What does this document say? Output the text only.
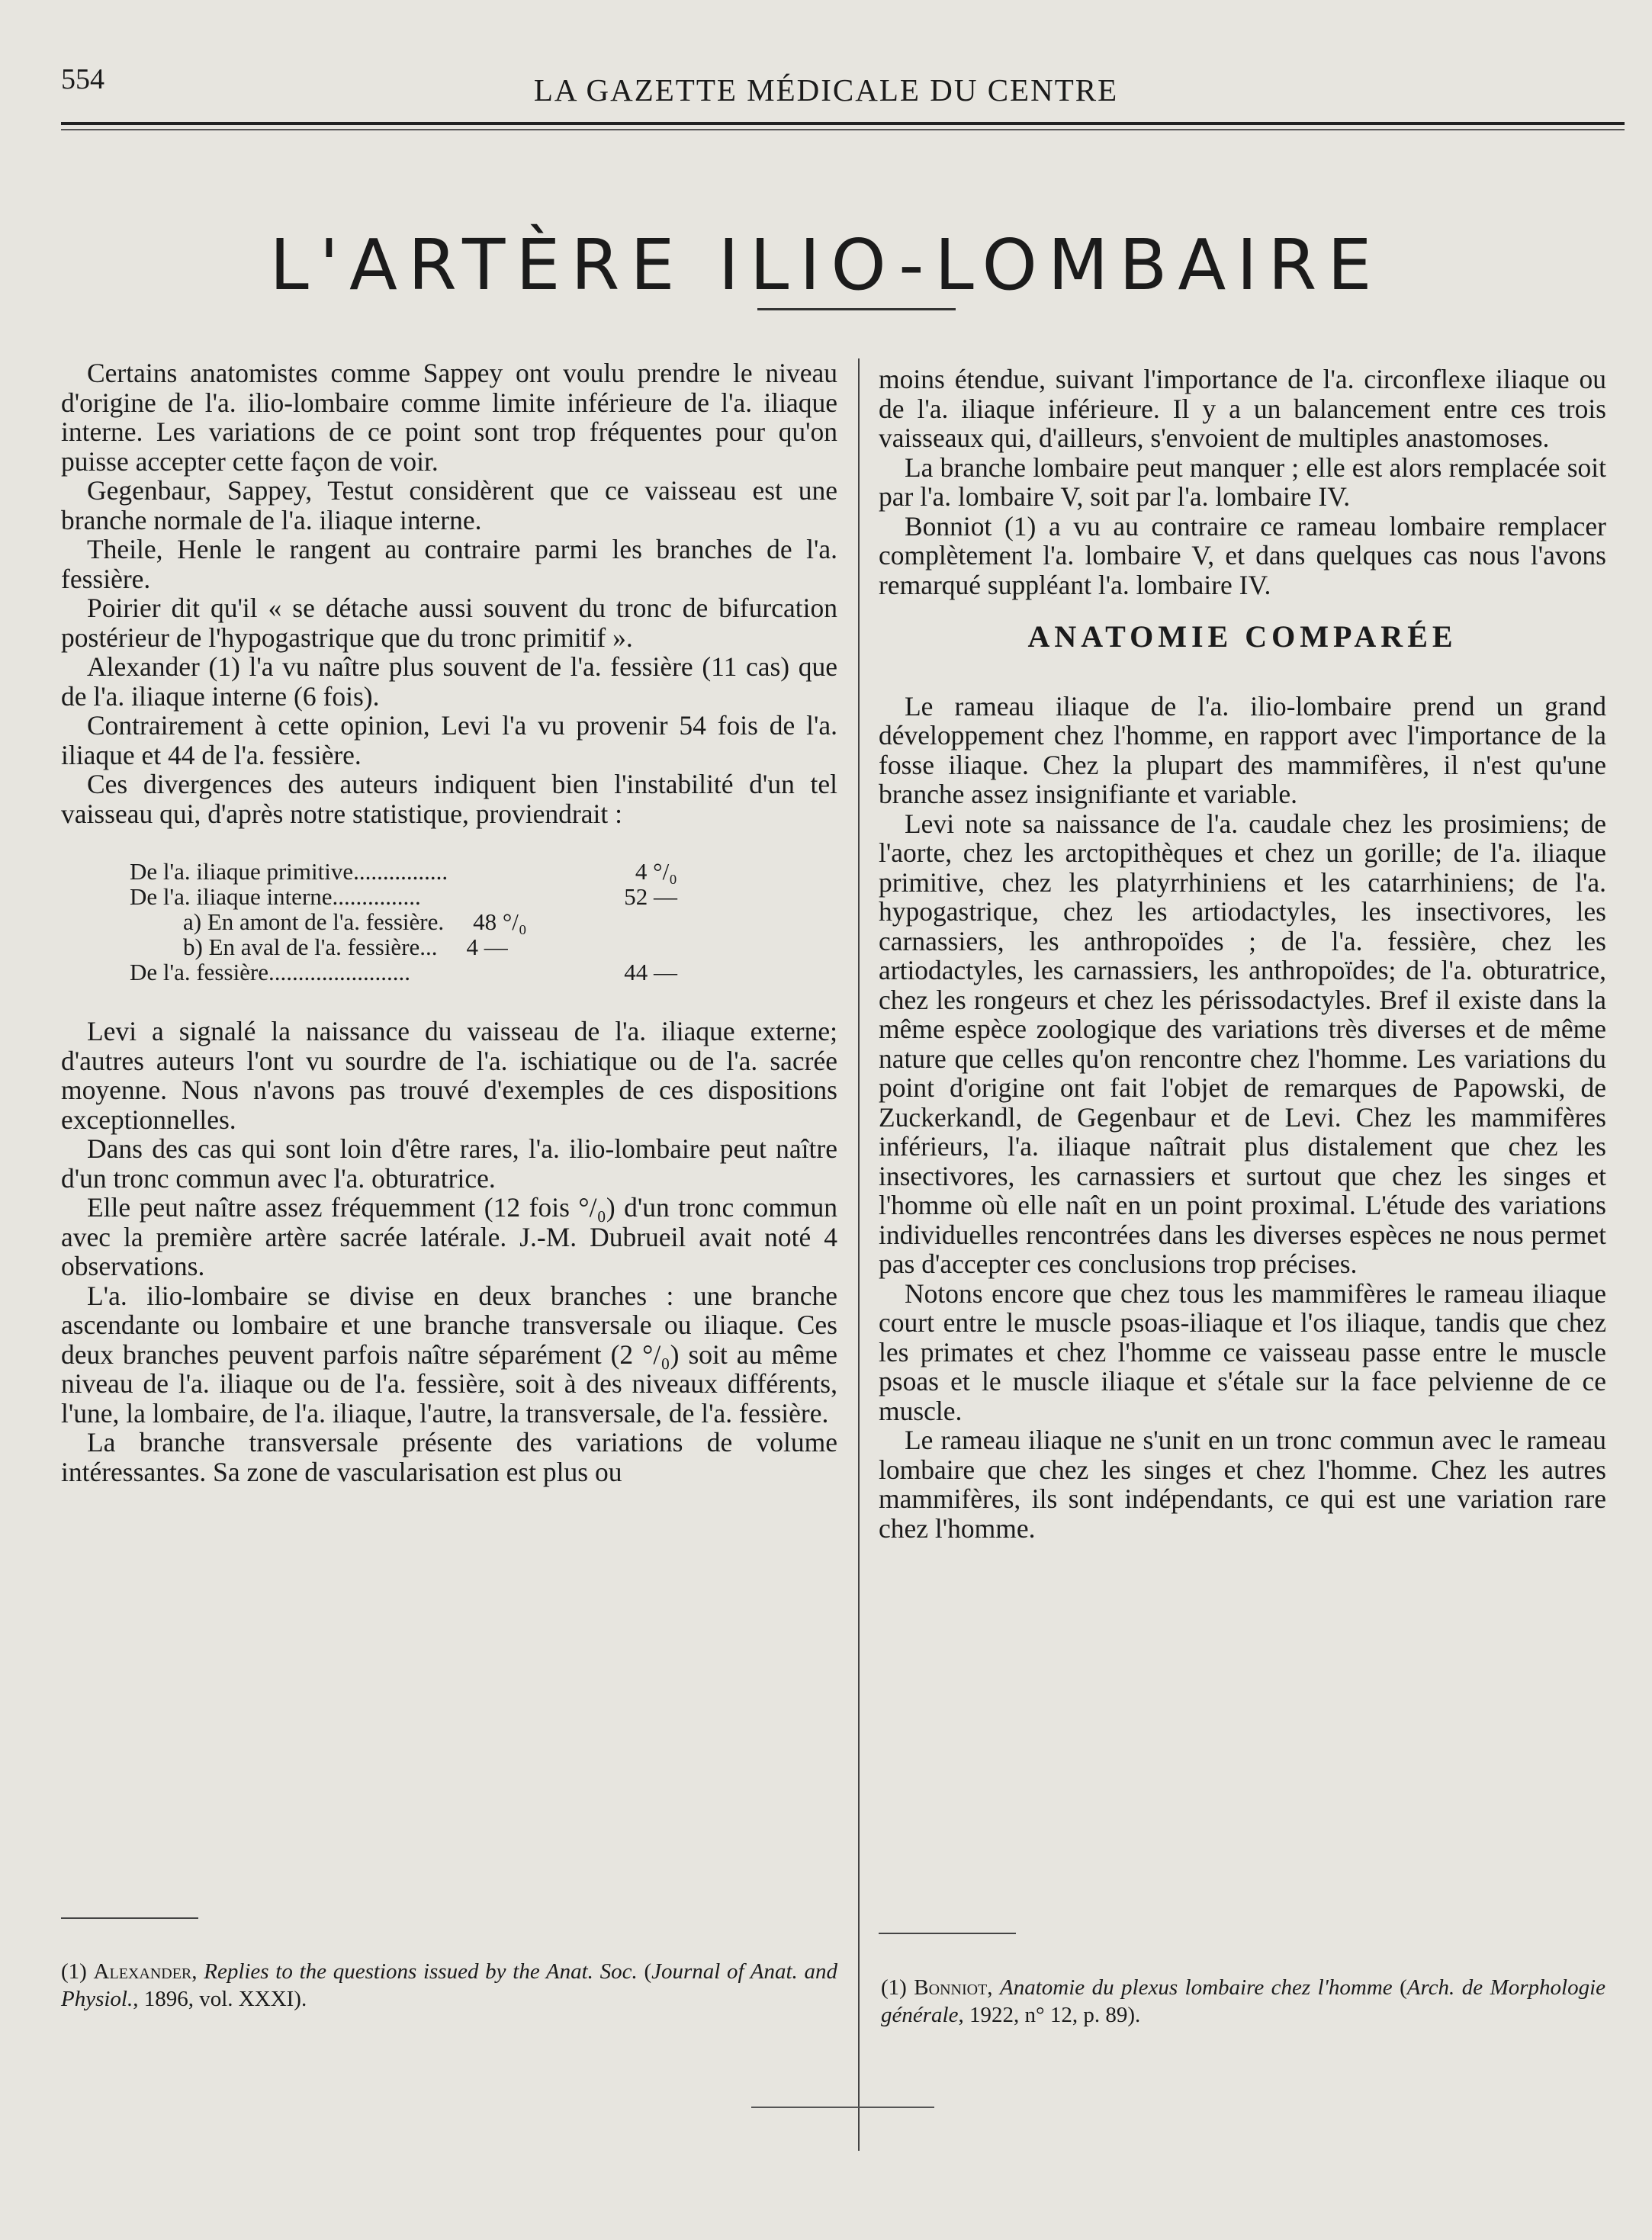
554	LA GAZETTE MÉDICALE DU CENTRE
L'ARTÈRE ILIO-LOMBAIRE

Certains anatomistes comme Sappey ont voulu prendre le niveau d'origine de l'a. ilio-lombaire comme limite inférieure de l'a. iliaque interne. Les variations de ce point sont trop fréquentes pour qu'on puisse accepter cette façon de voir.

Gegenbaur, Sappey, Testut considèrent que ce vaisseau est une branche normale de l'a. iliaque interne.

Theile, Henle le rangent au contraire parmi les branches de l'a. fessière.

Poirier dit qu'il « se détache aussi souvent du tronc de bifurcation postérieur de l'hypogastrique que du tronc primitif ».

Alexander (1) l'a vu naître plus souvent de l'a. fessière (11 cas) que de l'a. iliaque interne (6 fois).

Contrairement à cette opinion, Levi l'a vu provenir 54 fois de l'a. iliaque et 44 de l'a. fessière.

Ces divergences des auteurs indiquent bien l'instabilité d'un tel vaisseau qui, d'après notre statistique, proviendrait :

De l'a. iliaque primitive ................	4 °/₀
De l'a. iliaque interne ...............	52 —
a) En amont de l'a. fessière. 48 °/₀
b) En aval de l'a. fessière... 4 —
De l'a. fessière ........................	44 —

Levi a signalé la naissance du vaisseau de l'a. iliaque externe; d'autres auteurs l'ont vu sourdre de l'a. ischiatique ou de l'a. sacrée moyenne. Nous n'avons pas trouvé d'exemples de ces dispositions exceptionnelles.

Dans des cas qui sont loin d'être rares, l'a. ilio-lombaire peut naître d'un tronc commun avec l'a. obturatrice.

Elle peut naître assez fréquemment (12 fois °/₀) d'un tronc commun avec la première artère sacrée latérale. J.-M. Dubrueil avait noté 4 observations.

L'a. ilio-lombaire se divise en deux branches : une branche ascendante ou lombaire et une branche transversale ou iliaque. Ces deux branches peuvent parfois naître séparément (2 °/₀) soit au même niveau de l'a. iliaque ou de l'a. fessière, soit à des niveaux différents, l'une, la lombaire, de l'a. iliaque, l'autre, la transversale, de l'a. fessière.

La branche transversale présente des variations de volume intéressantes. Sa zone de vascularisation est plus ou

moins étendue, suivant l'importance de l'a. circonflexe iliaque ou de l'a. iliaque inférieure. Il y a un balancement entre ces trois vaisseaux qui, d'ailleurs, s'envoient de multiples anastomoses.

La branche lombaire peut manquer ; elle est alors remplacée soit par l'a. lombaire V, soit par l'a. lombaire IV.

Bonniot (1) a vu au contraire ce rameau lombaire remplacer complètement l'a. lombaire V, et dans quelques cas nous l'avons remarqué suppléant l'a. lombaire IV.

ANATOMIE COMPARÉE

Le rameau iliaque de l'a. ilio-lombaire prend un grand développement chez l'homme, en rapport avec l'importance de la fosse iliaque. Chez la plupart des mammifères, il n'est qu'une branche assez insignifiante et variable.

Levi note sa naissance de l'a. caudale chez les prosimiens; de l'aorte, chez les arctopithèques et chez un gorille; de l'a. iliaque primitive, chez les platyrrhiniens et les catarrhiniens; de l'a. hypogastrique, chez les artiodactyles, les insectivores, les carnassiers, les anthropoïdes ; de l'a. fessière, chez les artiodactyles, les carnassiers, les anthropoïdes; de l'a. obturatrice, chez les rongeurs et chez les périssodactyles. Bref il existe dans la même espèce zoologique des variations très diverses et de même nature que celles qu'on rencontre chez l'homme. Les variations du point d'origine ont fait l'objet de remarques de Papowski, de Zuckerkandl, de Gegenbaur et de Levi. Chez les mammifères inférieurs, l'a. iliaque naîtrait plus distalement que chez les insectivores, les carnassiers et surtout que chez les singes et l'homme où elle naît en un point proximal. L'étude des variations individuelles rencontrées dans les diverses espèces ne nous permet pas d'accepter ces conclusions trop précises.

Notons encore que chez tous les mammifères le rameau iliaque court entre le muscle psoas-iliaque et l'os iliaque, tandis que chez les primates et chez l'homme ce vaisseau passe entre le muscle psoas et le muscle iliaque et s'étale sur la face pelvienne de ce muscle.

Le rameau iliaque ne s'unit en un tronc commun avec le rameau lombaire que chez les singes et chez l'homme. Chez les autres mammifères, ils sont indépendants, ce qui est une variation rare chez l'homme.

(1) Alexander, Replies to the questions issued by the Anat. Soc. (Journal of Anat. and Physiol., 1896, vol. XXXI).	(1) Bonniot, Anatomie du plexus lombaire chez l'homme (Arch. de Morphologie générale, 1922, n° 12, p. 89).
